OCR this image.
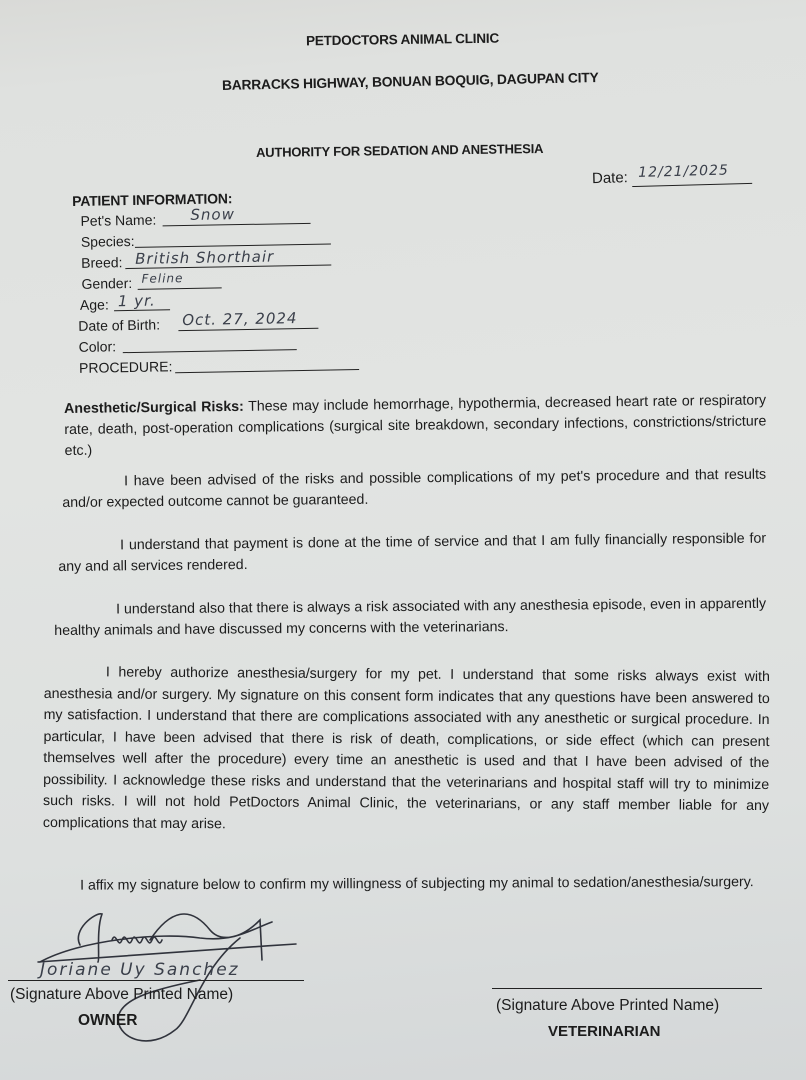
PETDOCTORS ANIMAL CLINIC
BARRACKS HIGHWAY, BONUAN BOQUIG, DAGUPAN CITY
AUTHORITY FOR SEDATION AND ANESTHESIA
Date: 12/21/2025
PATIENT INFORMATION:
Pet's Name: Snow
Species:
Breed: British Shorthair
Gender: Feline
Age: 1 yr.
Date of Birth: Oct. 27, 2024
Color:
PROCEDURE:
Anesthetic/Surgical Risks: These may include hemorrhage, hypothermia, decreased heart rate or respiratory rate, death, post-operation complications (surgical site breakdown, secondary infections, constrictions/stricture etc.)
I have been advised of the risks and possible complications of my pet's procedure and that results and/or expected outcome cannot be guaranteed.
I understand that payment is done at the time of service and that I am fully financially responsible for any and all services rendered.
I understand also that there is always a risk associated with any anesthesia episode, even in apparently healthy animals and have discussed my concerns with the veterinarians.
I hereby authorize anesthesia/surgery for my pet. I understand that some risks always exist with anesthesia and/or surgery. My signature on this consent form indicates that any questions have been answered to my satisfaction. I understand that there are complications associated with any anesthetic or surgical procedure. In particular, I have been advised that there is risk of death, complications, or side effect (which can present themselves well after the procedure) every time an anesthetic is used and that I have been advised of the possibility. I acknowledge these risks and understand that the veterinarians and hospital staff will try to minimize such risks. I will not hold PetDoctors Animal Clinic, the veterinarians, or any staff member liable for any complications that may arise.
I affix my signature below to confirm my willingness of subjecting my animal to sedation/anesthesia/surgery.
Joriane Uy Sanchez
(Signature Above Printed Name)
OWNER
(Signature Above Printed Name)
VETERINARIAN
